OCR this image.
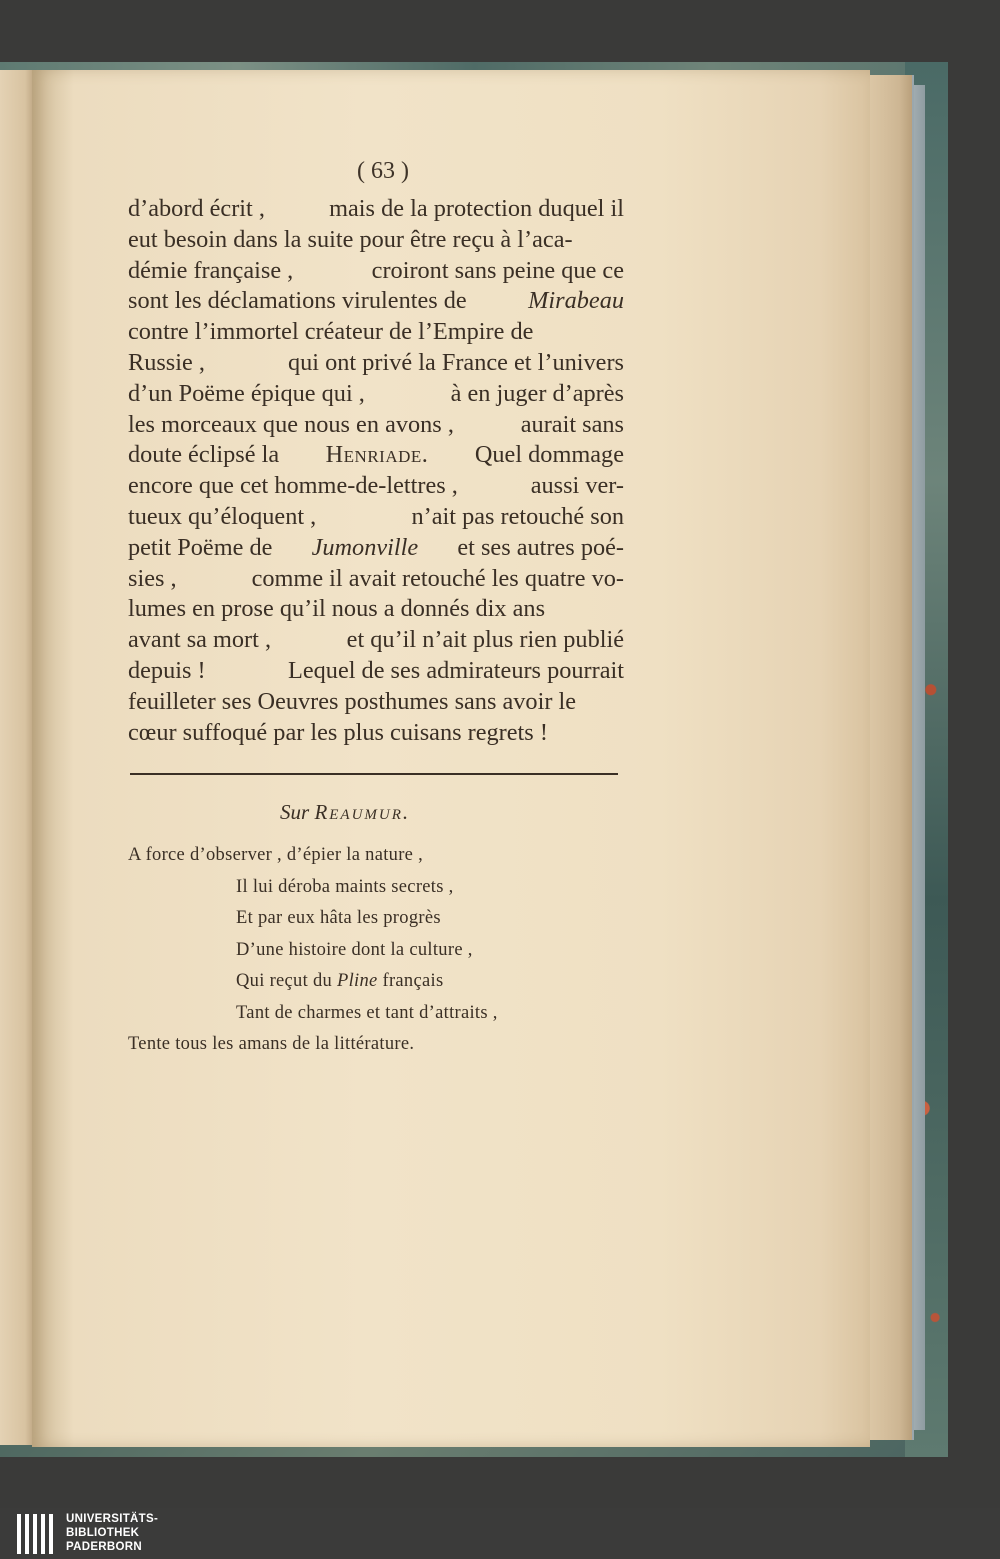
( 63 )
d’abord écrit ,	mais de la protection duquel il
eut besoin dans la suite pour être reçu à l’aca-
démie française ,	croiront sans peine que ce
sont les déclamations virulentes de	Mirabeau
contre l’immortel créateur de l’Empire de
Russie ,	qui ont privé la France et l’univers
d’un Poëme épique qui ,	à en juger d’après
les morceaux que nous en avons ,	aurait sans
doute éclipsé la Henriade. Quel dommage
encore que cet homme-de-lettres ,	aussi ver-
tueux qu’éloquent ,	n’ait pas retouché son
petit Poëme de Jumonville et ses autres poé-
sies ,	comme il avait retouché les quatre vo-
lumes en prose qu’il nous a donnés dix ans
avant sa mort ,	et qu’il n’ait plus rien publié
depuis !	Lequel de ses admirateurs pourrait
feuilleter ses Oeuvres posthumes sans avoir le
cœur suffoqué par les plus cuisans regrets !
Sur Reaumur.
A force d’observer , d’épier la nature ,
Il lui déroba maints secrets ,
Et par eux hâta les progrès
D’une histoire dont la culture ,
Qui reçut du Pline français
Tant de charmes et tant d’attraits ,
Tente tous les amans de la littérature.
UNIVERSITÄTS-
BIBLIOTHEK
PADERBORN
